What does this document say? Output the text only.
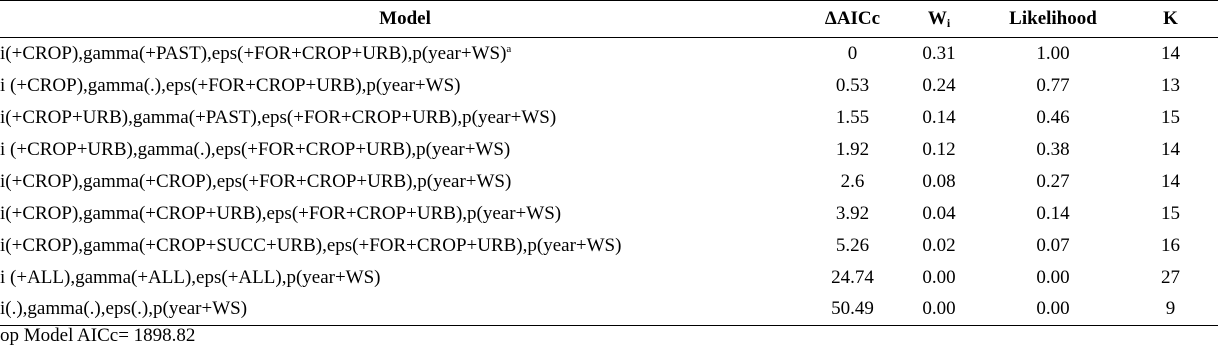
Model	ΔAICc	$W_i$	Likelihood	K
i(+CROP),gamma(+PAST),eps(+FOR+CROP+URB),p(year+WS)$^a$	0	0.31	1.00	14
i (+CROP),gamma(.),eps(+FOR+CROP+URB),p(year+WS)	0.53	0.24	0.77	13
i(+CROP+URB),gamma(+PAST),eps(+FOR+CROP+URB),p(year+WS)	1.55	0.14	0.46	15
i (+CROP+URB),gamma(.),eps(+FOR+CROP+URB),p(year+WS)	1.92	0.12	0.38	14
i(+CROP),gamma(+CROP),eps(+FOR+CROP+URB),p(year+WS)	2.6	0.08	0.27	14
i(+CROP),gamma(+CROP+URB),eps(+FOR+CROP+URB),p(year+WS)	3.92	0.04	0.14	15
i(+CROP),gamma(+CROP+SUCC+URB),eps(+FOR+CROP+URB),p(year+WS)	5.26	0.02	0.07	16
i (+ALL),gamma(+ALL),eps(+ALL),p(year+WS)	24.74	0.00	0.00	27
i(.),gamma(.),eps(.),p(year+WS)	50.49	0.00	0.00	9
op Model AICc= 1898.82
